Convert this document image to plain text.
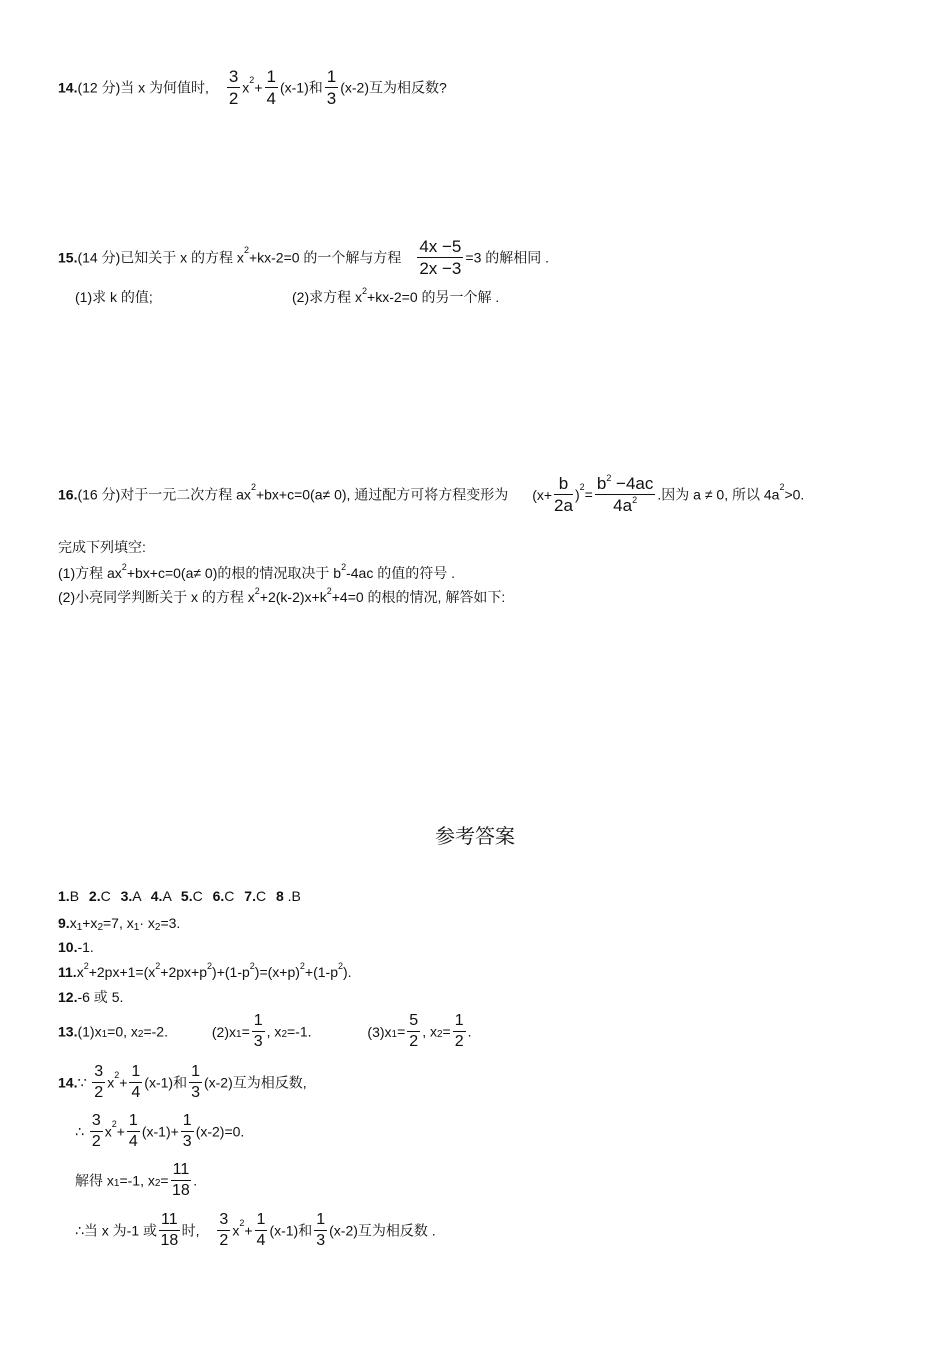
14.(12 分)当 x 为何值时, $\frac{3}{2} x^2+ \frac{1}{4} (x-1)$和 $\frac{1}{3} (x-2)$互为相反数?
15.(14 分)已知关于 x 的方程 $x^2+kx-2=0$ 的一个解与方程 $\frac{4x -5}{2x -3} =3$ 的解相同 .
(1)求 k 的值;	(2)求方程 $x^2+kx-2=0$ 的另一个解 .
16.(16 分)对于一元二次方程 $ax^2+bx+c=0(a\ne 0)$, 通过配方可将方程变形为 $(x+ \frac{b}{2a} )^2= \frac{b^2 -4ac}{4a^2}$ .因为 a ≠ 0, 所以 $4a^2>0$.
完成下列填空:
(1)方程 $ax^2+bx+c=0(a\ne 0)$的根的情况取决于 $b^2-4ac$ 的值的符号 .
(2)小亮同学判断关于 x 的方程 $x^2+2(k-2)x+k^2+4=0$ 的根的情况, 解答如下:
参考答案
1.B 2.C 3.A 4.A 5.C 6.C 7.C 8 .B
9.x1+x2=7, x1· x2=3.
10.-1.
$11.x^2+2px+1=(x^2+2px+p^2)+(1-p^2)=(x+p)^2+(1-p^2)$.
12.-6 或 5.
13.(1)x1=0, x2=-2.	$(2)x1= \frac{1}{3}$ , x2=-1.	$(3)x1= \frac{5}{2}$ , $x2= \frac{1}{2}$ .
14.∵ $\frac{3}{2} x^2+ \frac{1}{4} (x-1)$和 $\frac{1}{3} (x-2)$互为相反数,
∴ $\frac{3}{2} x^2+ \frac{1}{4} (x-1)+ \frac{1}{3} (x-2)=0$.
解得 x1=-1, $x2= \frac{11}{18}$ .
∴当 x 为-1 或 $\frac{11}{18}$ 时, $\frac{3}{2} x^2+ \frac{1}{4} (x-1)$和 $\frac{1}{3} (x-2)$互为相反数 .
